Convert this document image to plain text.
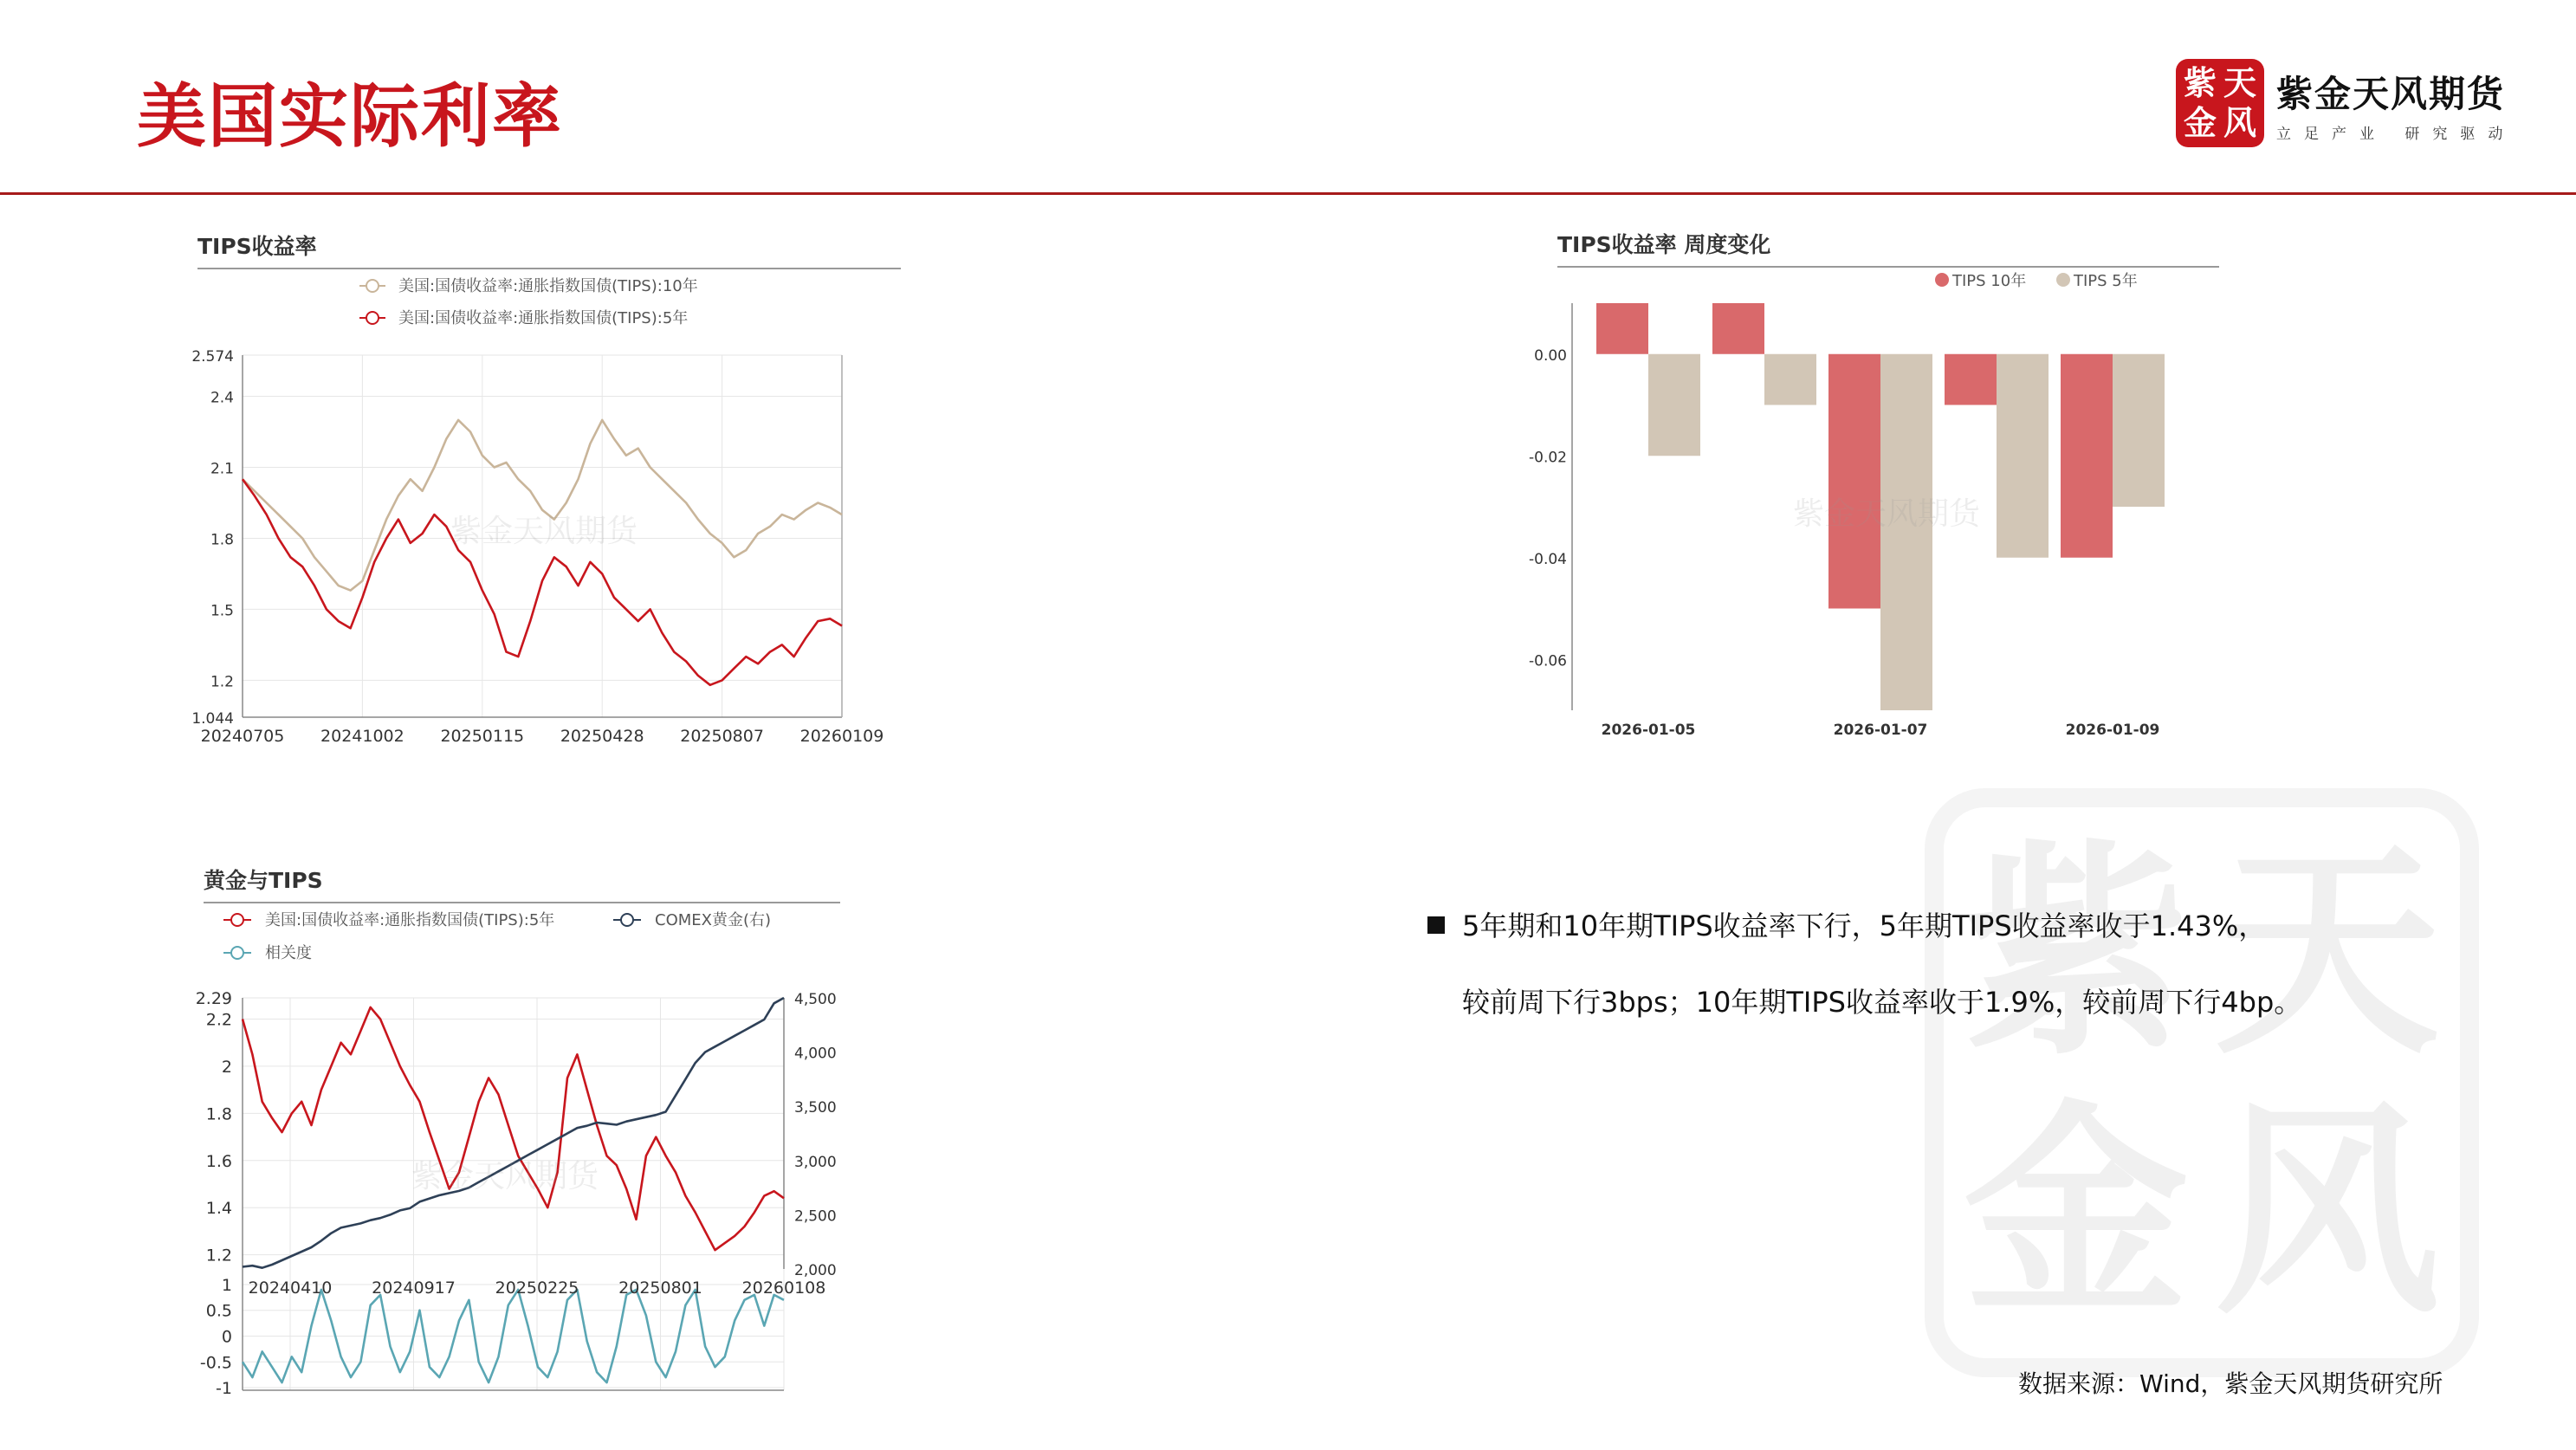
美国实际利率	紫 天
金 风
紫金天风期货
立足产业 研究驱动
紫 天
金 风
TIPS收益率
美国:国债收益率:通胀指数国债(TIPS):10年
美国:国债收益率:通胀指数国债(TIPS):5年
2.574
2.4
2.1
1.8
1.5
1.2
1.044
20240705 20241002 20250115 20250428 20250807 20260109
紫金天风期货
TIPS收益率 周度变化
TIPS 10年	TIPS 5年
0.00
-0.02
-0.04
-0.06
2026-01-05	2026-01-07	2026-01-09
紫金天风期货
黄金与TIPS
美国:国债收益率:通胀指数国债(TIPS):5年	COMEX黄金(右)
相关度
2.29
2.2
2
1.8
1.6
1.4
1.2
4,500
4,000
3,500
3,000
2,500
2,000
1
0.5
0
-0.5
-1
20240410 20240917 20250225 20250801 20260108
紫金天风期货
5年期和10年期TIPS收益率下行，5年期TIPS收益率收于1.43%，
较前周下行3bps；10年期TIPS收益率收于1.9%，较前周下行4bp。
数据来源：Wind，紫金天风期货研究所
